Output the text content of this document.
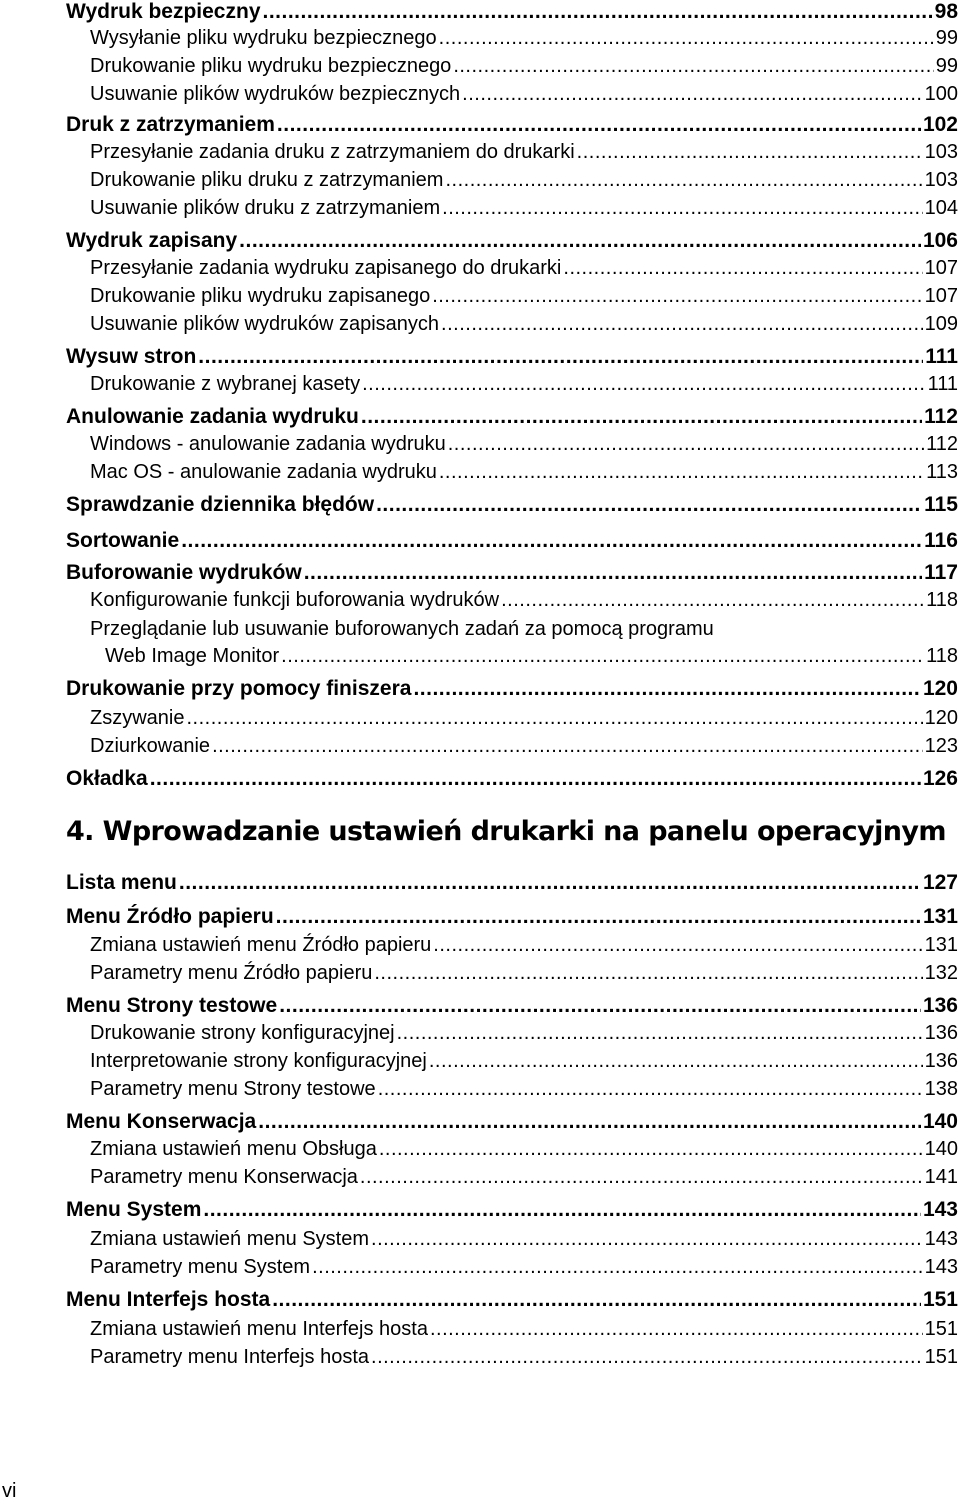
Wydruk bezpieczny .....	98
Wysyłanie pliku wydruku bezpiecznego .....	99
Drukowanie pliku wydruku bezpiecznego .....	99
Usuwanie plików wydruków bezpiecznych .....	100
Druk z zatrzymaniem .....	102
Przesyłanie zadania druku z zatrzymaniem do drukarki .....	103
Drukowanie pliku druku z zatrzymaniem .....	103
Usuwanie plików druku z zatrzymaniem .....	104
Wydruk zapisany .....	106
Przesyłanie zadania wydruku zapisanego do drukarki .....	107
Drukowanie pliku wydruku zapisanego .....	107
Usuwanie plików wydruków zapisanych .....	109
Wysuw stron .....	111
Drukowanie z wybranej kasety .....	111
Anulowanie zadania wydruku .....	112
Windows - anulowanie zadania wydruku .....	112
Mac OS - anulowanie zadania wydruku .....	113
Sprawdzanie dziennika błędów .....	115
Sortowanie .....	116
Buforowanie wydruków .....	117
Konfigurowanie funkcji buforowania wydruków .....	118
Przeglądanie lub usuwanie buforowanych zadań za pomocą programu
Web Image Monitor .....	118
Drukowanie przy pomocy finiszera .....	120
Zszywanie .....	120
Dziurkowanie .....	123
Okładka .....	126
4. Wprowadzanie ustawień drukarki na panelu operacyjnym
Lista menu .....	127
Menu Źródło papieru .....	131
Zmiana ustawień menu Źródło papieru .....	131
Parametry menu Źródło papieru .....	132
Menu Strony testowe .....	136
Drukowanie strony konfiguracyjnej .....	136
Interpretowanie strony konfiguracyjnej .....	136
Parametry menu Strony testowe .....	138
Menu Konserwacja .....	140
Zmiana ustawień menu Obsługa .....	140
Parametry menu Konserwacja .....	141
Menu System .....	143
Zmiana ustawień menu System .....	143
Parametry menu System .....	143
Menu Interfejs hosta .....	151
Zmiana ustawień menu Interfejs hosta .....	151
Parametry menu Interfejs hosta .....	151
vi
